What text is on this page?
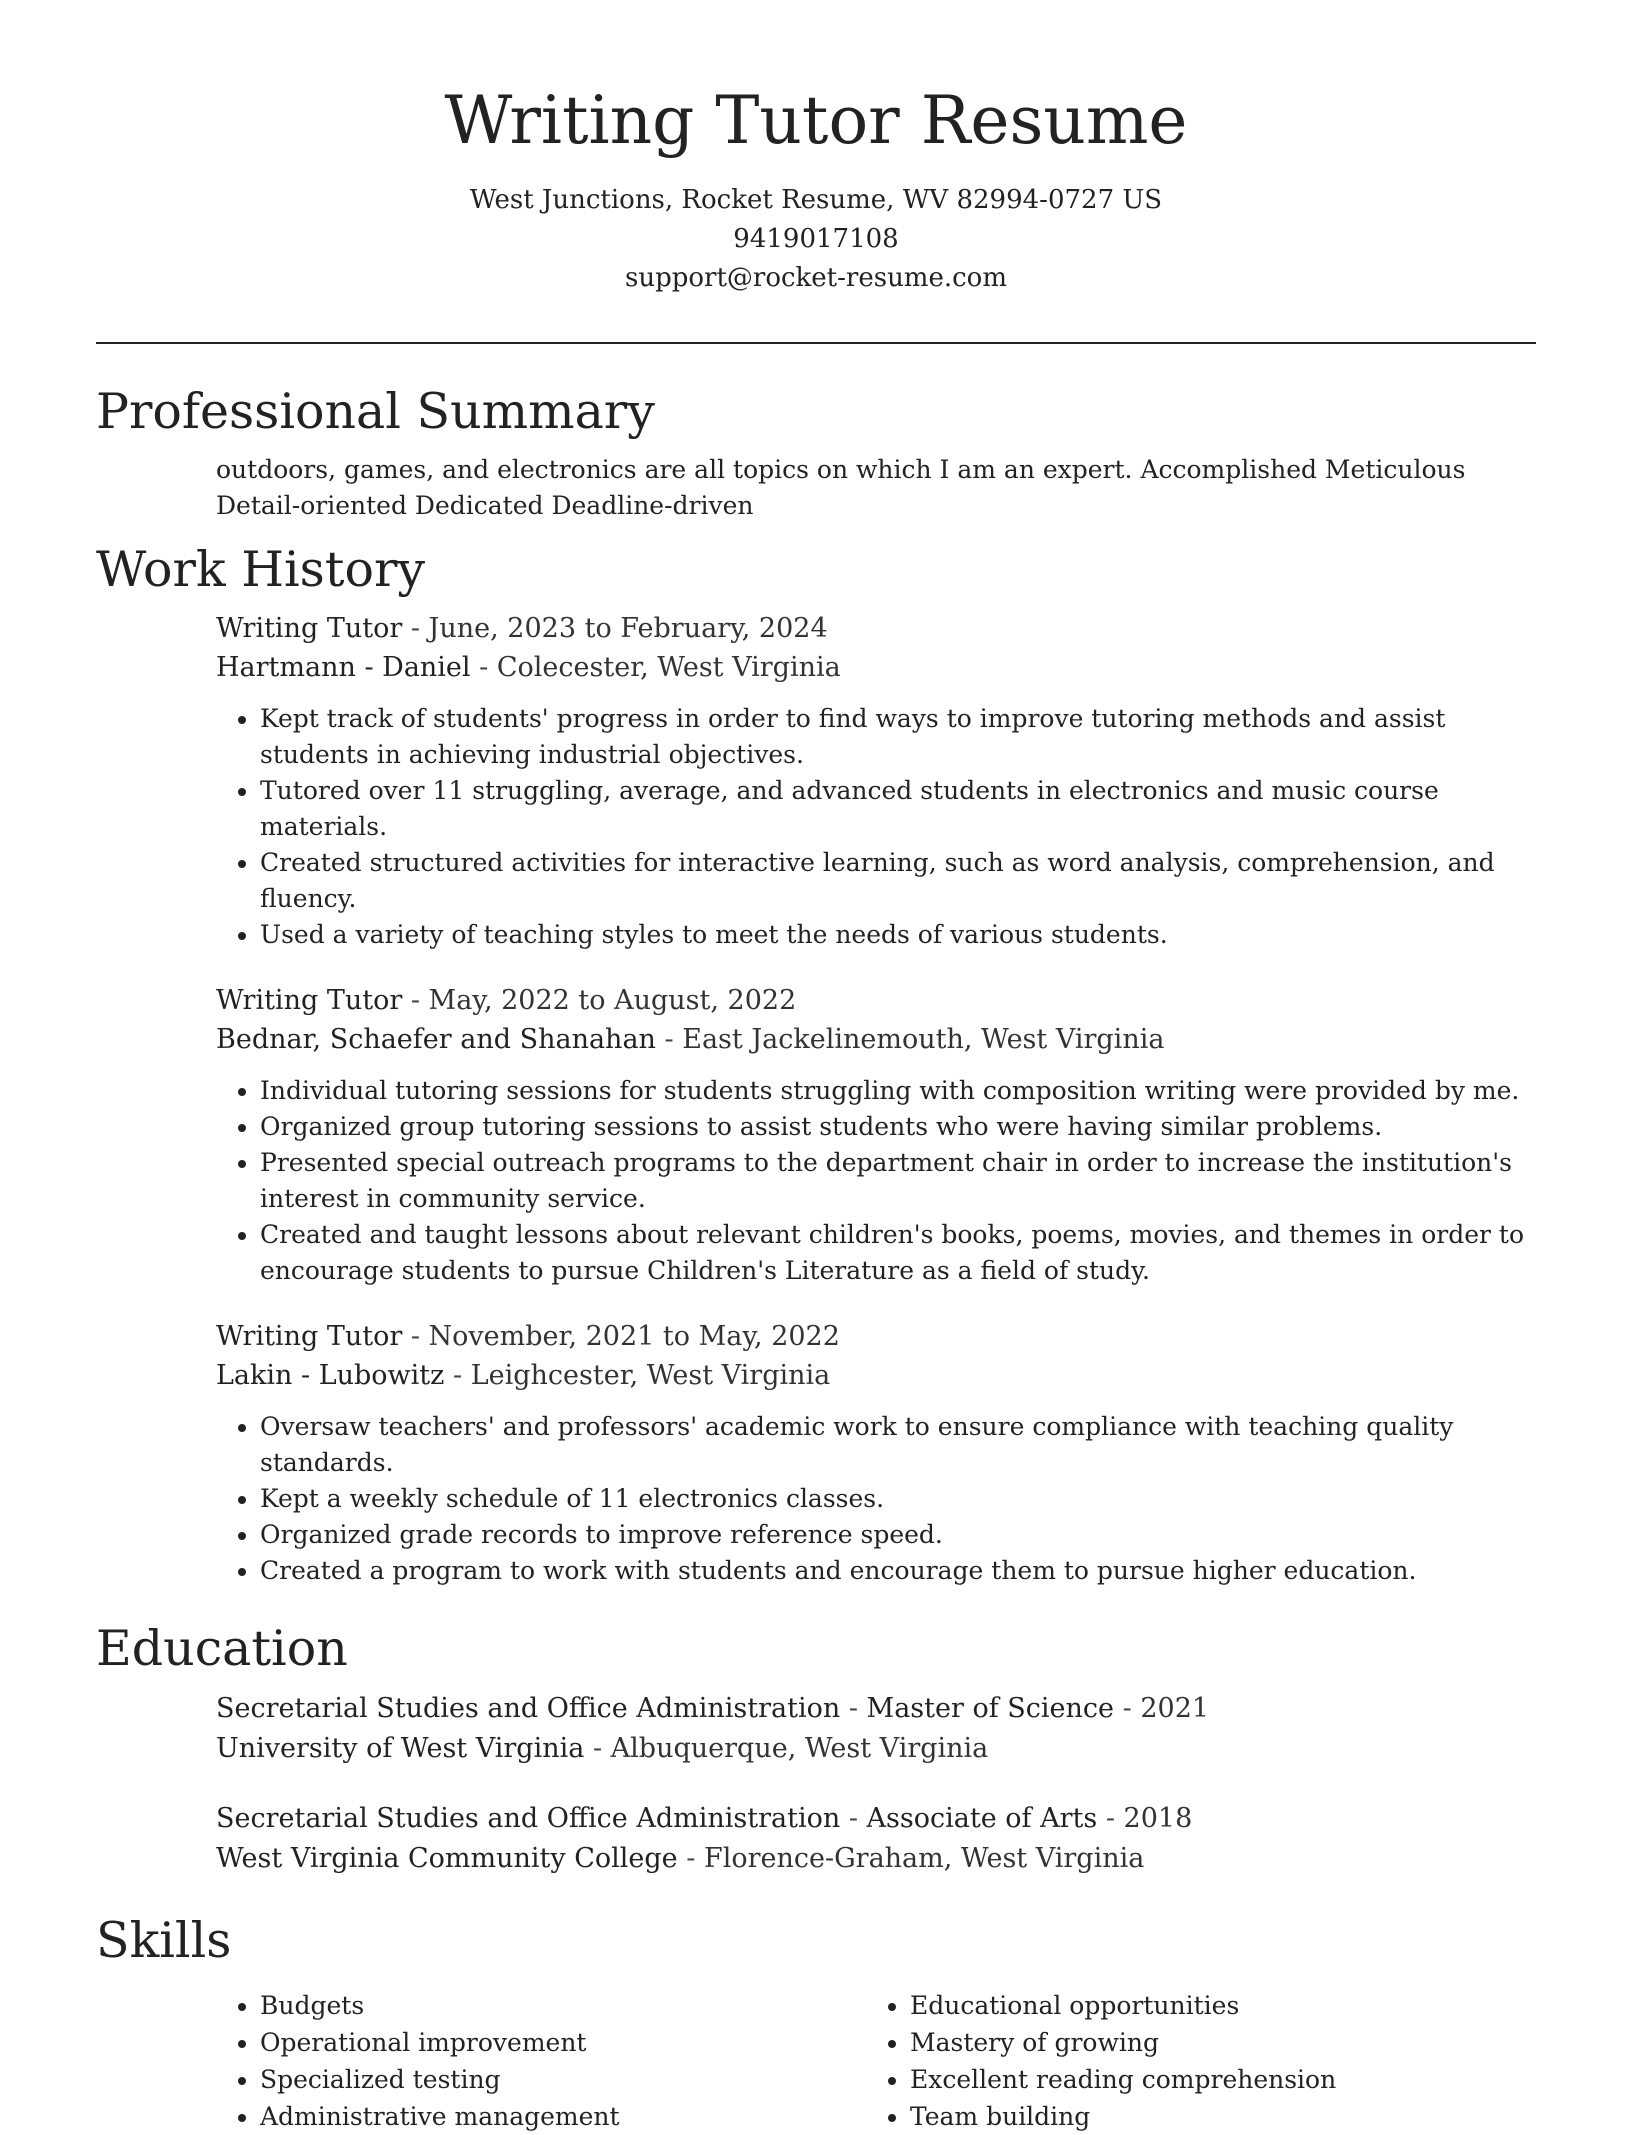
Writing Tutor Resume
West Junctions, Rocket Resume, WV 82994-0727 US
9419017108
support@rocket-resume.com
Professional Summary

outdoors, games, and electronics are all topics on which I am an expert. Accomplished Meticulous Detail-oriented Dedicated Deadline-driven

Work History
Writing Tutor - June, 2023 to February, 2024
Hartmann - Daniel - Colecester, West Virginia
• Kept track of students' progress in order to find ways to improve tutoring methods and assist students in achieving industrial objectives.
• Tutored over 11 struggling, average, and advanced students in electronics and music course materials.
• Created structured activities for interactive learning, such as word analysis, comprehension, and fluency.
• Used a variety of teaching styles to meet the needs of various students.
Writing Tutor - May, 2022 to August, 2022
Bednar, Schaefer and Shanahan - East Jackelinemouth, West Virginia
• Individual tutoring sessions for students struggling with composition writing were provided by me.
• Organized group tutoring sessions to assist students who were having similar problems.
• Presented special outreach programs to the department chair in order to increase the institution's interest in community service.
• Created and taught lessons about relevant children's books, poems, movies, and themes in order to encourage students to pursue Children's Literature as a field of study.
Writing Tutor - November, 2021 to May, 2022
Lakin - Lubowitz - Leighcester, West Virginia
• Oversaw teachers' and professors' academic work to ensure compliance with teaching quality standards.
• Kept a weekly schedule of 11 electronics classes.
• Organized grade records to improve reference speed.
• Created a program to work with students and encourage them to pursue higher education.
Education
Secretarial Studies and Office Administration - Master of Science - 2021
University of West Virginia - Albuquerque, West Virginia
Secretarial Studies and Office Administration - Associate of Arts - 2018
West Virginia Community College - Florence-Graham, West Virginia
Skills
• Budgets
• Operational improvement
• Specialized testing
• Administrative management
• Educational opportunities
• Mastery of growing
• Excellent reading comprehension
• Team building
